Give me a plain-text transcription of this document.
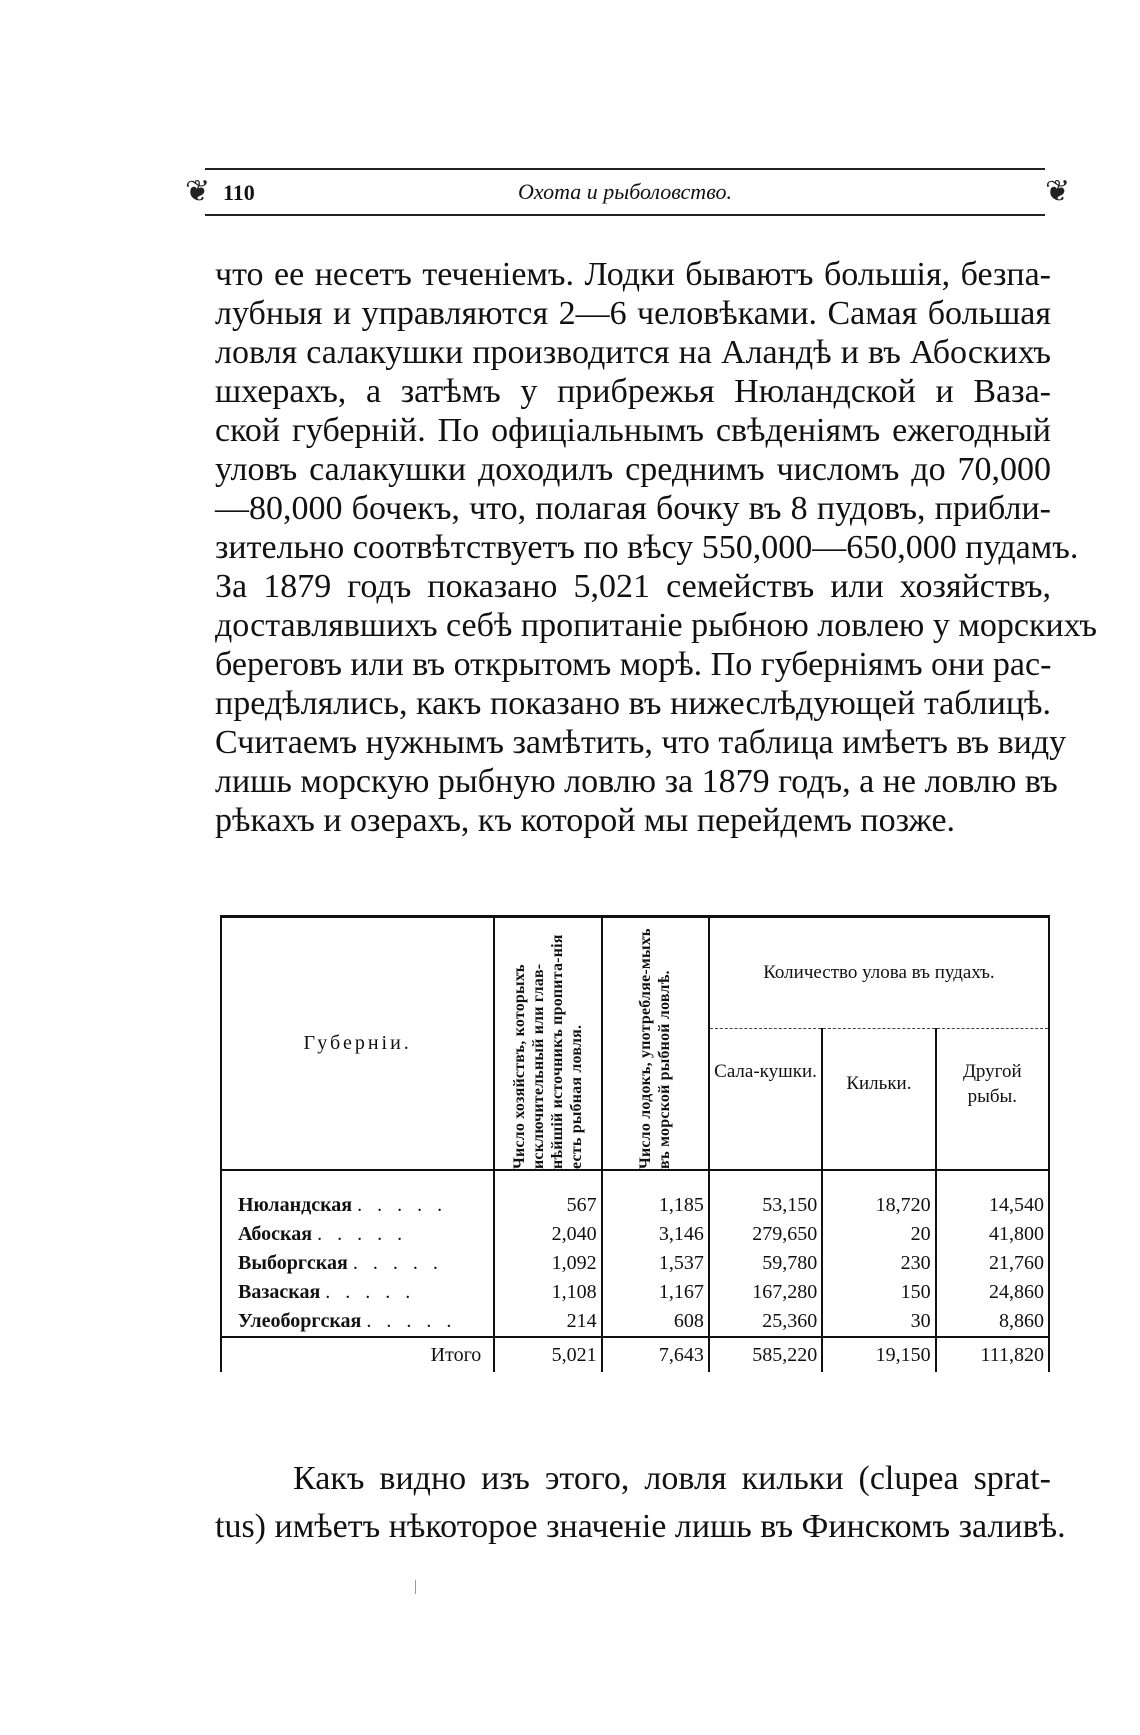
❦	❦
110	Охота и рыболовство.
что ее несетъ теченіемъ. Лодки бываютъ большія, безпа-
лубныя и управляются 2—6 человѣками. Самая большая
ловля салакушки производится на Аландѣ и въ Абоскихъ
шхерахъ, а затѣмъ у прибрежья Нюландской и Ваза-
ской губерній. По офиціальнымъ свѣденіямъ ежегодный
уловъ салакушки доходилъ среднимъ числомъ до 70,000
—80,000 бочекъ, что, полагая бочку въ 8 пудовъ, прибли-
зительно соотвѣтствуетъ по вѣсу 550,000—650,000 пудамъ.
За 1879 годъ показано 5,021 семействъ или хозяйствъ,
доставлявшихъ себѣ пропитаніе рыбною ловлею у морскихъ
береговъ или въ открытомъ морѣ. По губерніямъ они рас-
предѣлялись, какъ показано въ нижеслѣдующей таблицѣ.
Считаемъ нужнымъ замѣтить, что таблица имѣетъ въ виду
лишь морскую рыбную ловлю за 1879 годъ, а не ловлю въ
рѣкахъ и озерахъ, къ которой мы перейдемъ позже.
Губерніи.	Число хозяйствъ, которыхъ исключительный или глав-нѣйшій источникъ пропита-нія есть рыбная ловля.	Число лодокъ, употребляе-мыхъ въ морской рыбной ловлѣ.	Количество улова въ пудахъ.		

			Сала-кушки.	Кильки.	Другой рыбы.

Нюландская . . . . .	567	1,185	53,150	18,720	14,540
Абоская . . . . .	2,040	3,146	279,650	20	41,800
Выборгская . . . . .	1,092	1,537	59,780	230	21,760
Вазаская . . . . .	1,108	1,167	167,280	150	24,860
Улеоборгская . . . . .	214	608	25,360	30	8,860

Итого	5,021	7,643	585,220	19,150	111,820
Какъ видно изъ этого, ловля кильки (clupea sprat-
tus) имѣетъ нѣкоторое значеніе лишь въ Финскомъ заливѣ.
